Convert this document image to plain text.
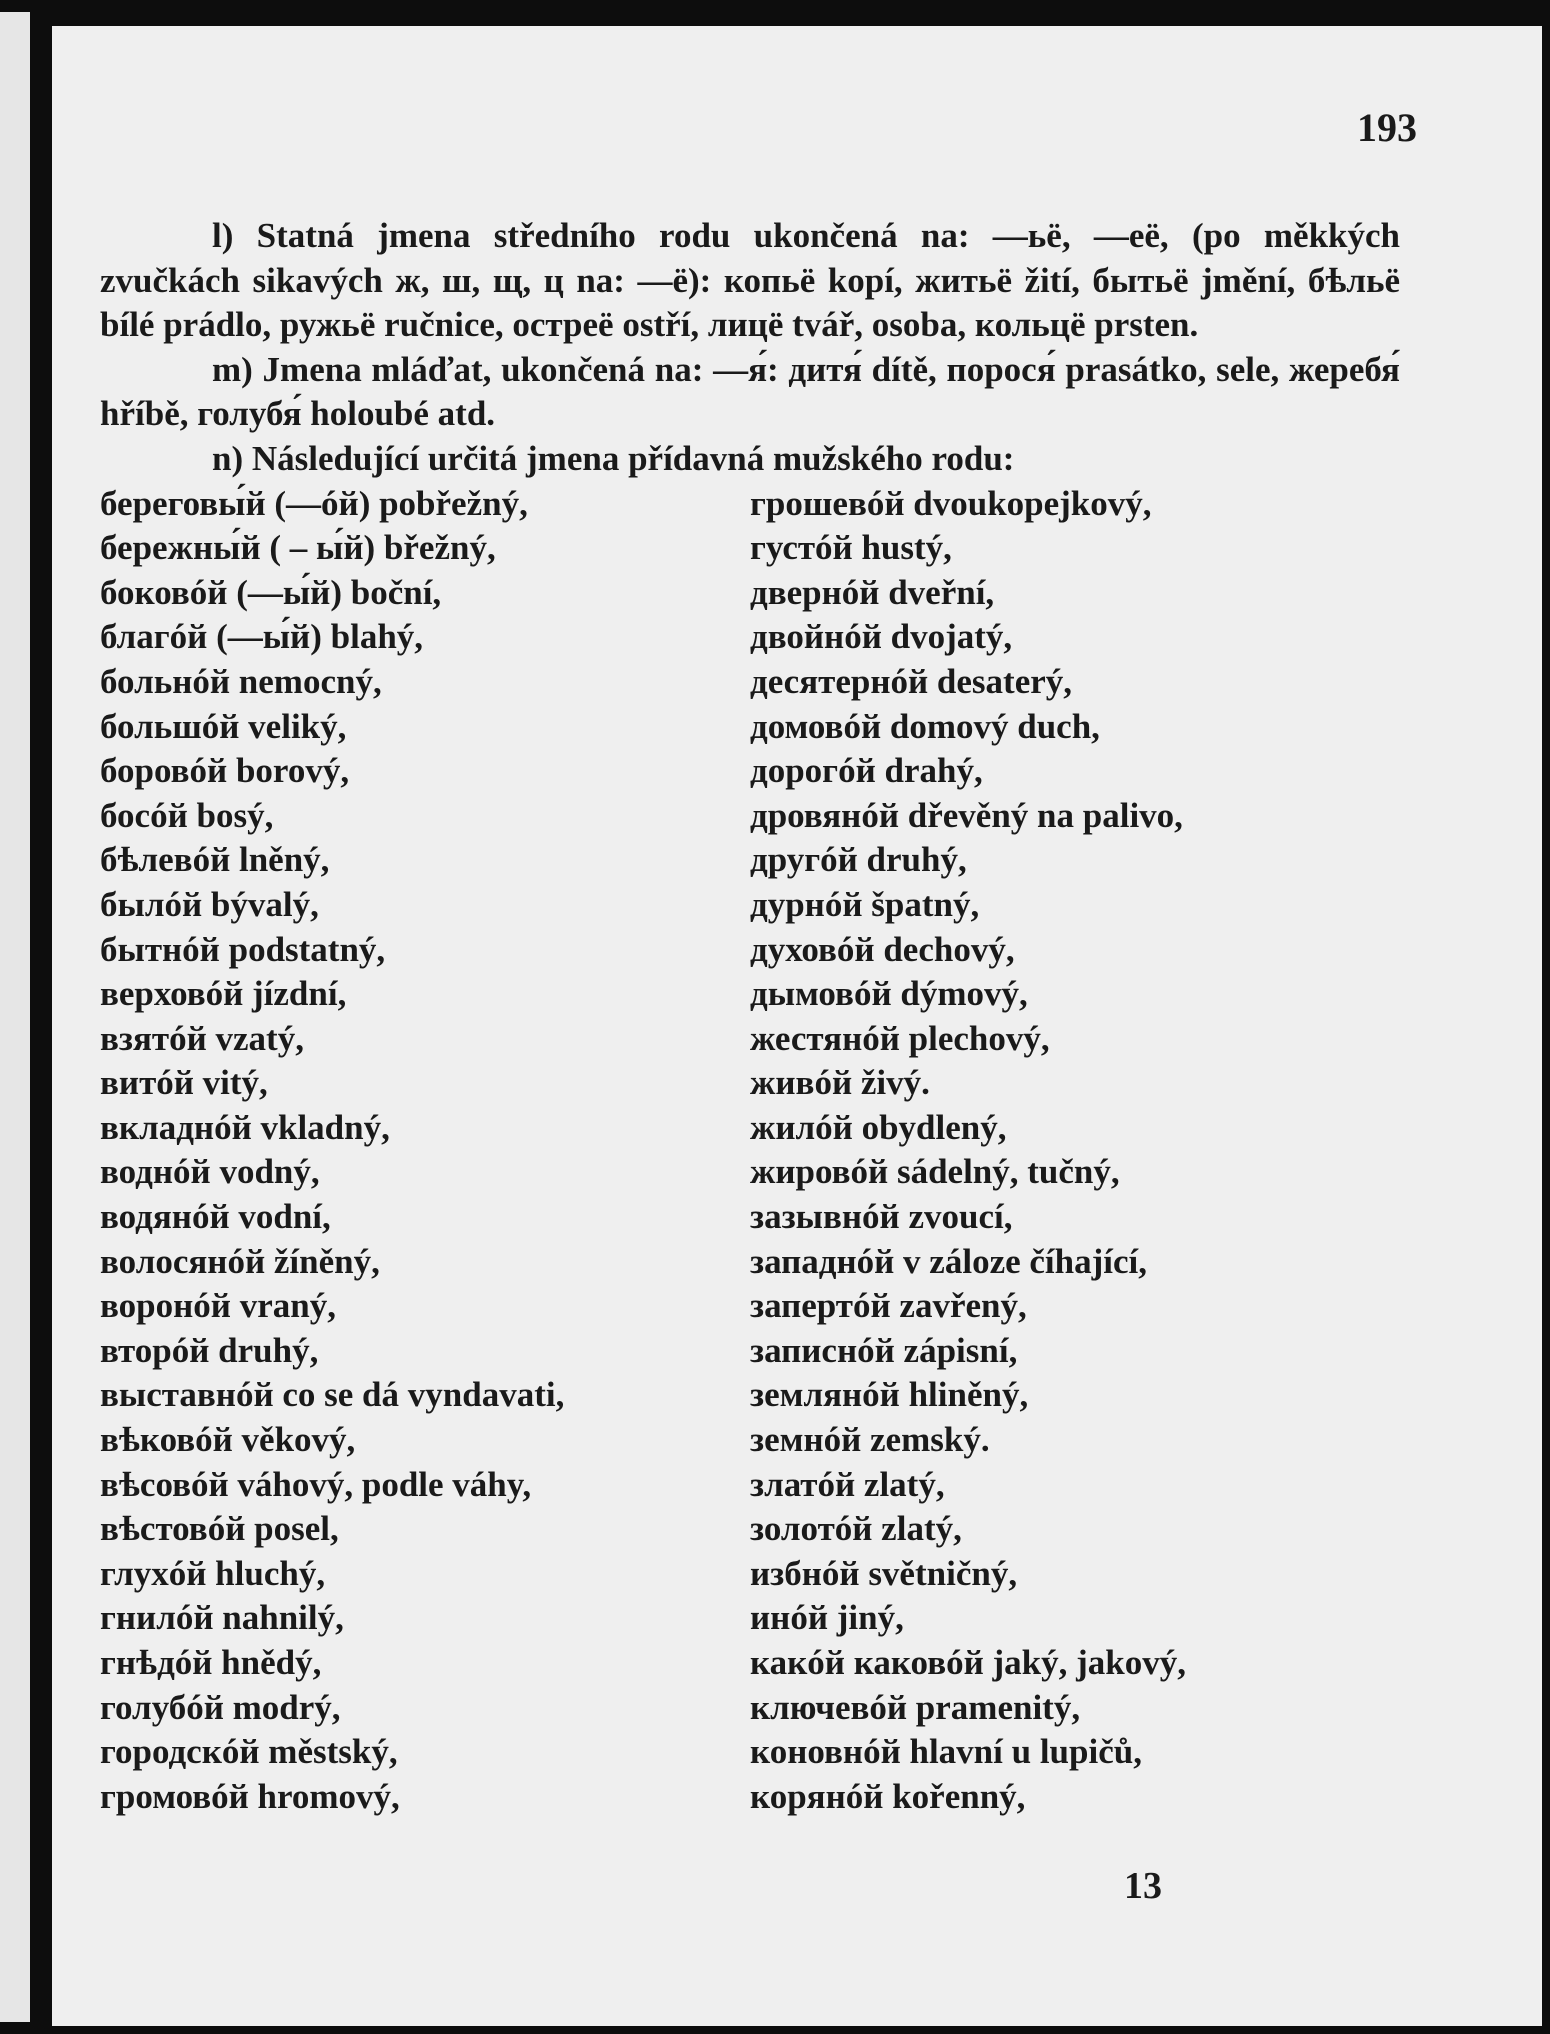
193
l) Statná jmena středního rodu ukončená na: —ьё, —её, (po měkkých zvučkách sikavých ж, ш, щ, ц na: —ё): копьё kopí, житьё žití, бытьё jmění, бѣльё bílé prádlo, ружьё ručnice, остреё ostří, лицё tvář, osoba, кольцё prsten.
m) Jmena mláďat, ukončená na: —я́: дитя́ dítě, порося́ prasátko, sele, жеребя́ hříbě, голубя́ holoubé atd.
n) Následující určitá jmena přídavná mužského rodu:
береговы́й (—óй) pobřežný,
бережны́й ( – ы́й) břežný,
боковóй (—ы́й) boční,
благóй (—ы́й) blahý,
больнóй nemocný,
большóй veliký,
боровóй borový,
босóй bosý,
бѣлевóй lněný,
былóй bývalý,
бытнóй podstatný,
верховóй jízdní,
взятóй vzatý,
витóй vitý,
вкладнóй vkladný,
воднóй vodný,
водянóй vodní,
волосянóй žíněný,
воронóй vraný,
вторóй druhý,
выставнóй co se dá vyndavati,
вѣковóй věkový,
вѣсовóй váhový, podle váhy,
вѣстовóй posel,
глухóй hluchý,
гнилóй nahnilý,
гнѣдóй hnědý,
голубóй modrý,
городскóй městský,
громовóй hromový,
грошевóй dvoukopejkový,
густóй hustý,
двернóй dveřní,
двойнóй dvojatý,
десятернóй desaterý,
домовóй domový duch,
дорогóй drahý,
дровянóй dřevěný na palivo,
другóй druhý,
дурнóй špatný,
духовóй dechový,
дымовóй dýmový,
жестянóй plechový,
живóй živý.
жилóй obydlený,
жировóй sádelný, tučný,
зазывнóй zvoucí,
западнóй v záloze číhající,
запертóй zavřený,
записнóй zápisní,
землянóй hliněný,
земнóй zemský.
златóй zlatý,
золотóй zlatý,
избнóй světničný,
инóй jiný,
какóй каковóй jaký, jakový,
ключевóй pramenitý,
коновнóй hlavní u lupičů,
корянóй kořenný,
13
